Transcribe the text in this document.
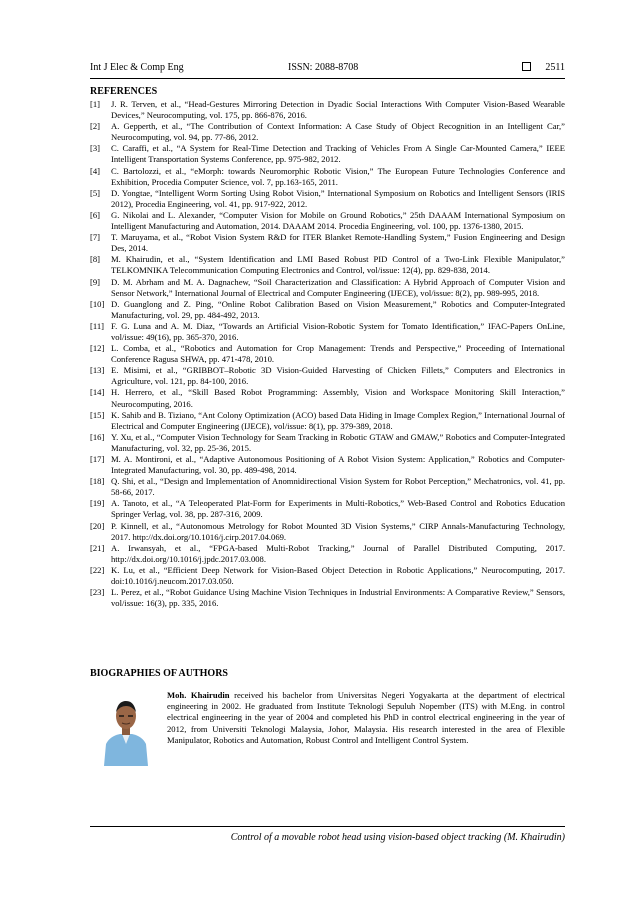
Int J Elec & Comp Eng	ISSN: 2088-8708	2511
REFERENCES
[1]	J. R. Terven, et al., “Head-Gestures Mirroring Detection in Dyadic Social Interactions With Computer Vision-Based Wearable Devices,” Neurocomputing, vol. 175, pp. 866-876, 2016.
[2]	A. Gepperth, et al., “The Contribution of Context Information: A Case Study of Object Recognition in an Intelligent Car,” Neurocomputing, vol. 94, pp. 77-86, 2012.
[3]	C. Caraffi, et al., “A System for Real-Time Detection and Tracking of Vehicles From A Single Car-Mounted Camera,” IEEE Intelligent Transportation Systems Conference, pp. 975-982, 2012.
[4]	C. Bartolozzi, et al., “eMorph: towards Neuromorphic Robotic Vision,” The European Future Technologies Conference and Exhibition, Procedia Computer Science, vol. 7, pp.163-165, 2011.
[5]	D. Yongtae, “Intelligent Worm Sorting Using Robot Vision,” International Symposium on Robotics and Intelligent Sensors (IRIS 2012), Procedia Engineering, vol. 41, pp. 917-922, 2012.
[6]	G. Nikolai and L. Alexander, “Computer Vision for Mobile on Ground Robotics,” 25th DAAAM International Symposium on Intelligent Manufacturing and Automation, 2014. DAAAM 2014. Procedia Engineering, vol. 100, pp. 1376-1380, 2015.
[7]	T. Maruyama, et al., “Robot Vision System R&D for ITER Blanket Remote-Handling System,” Fusion Engineering and Design Des, 2014.
[8]	M. Khairudin, et al., “System Identification and LMI Based Robust PID Control of a Two-Link Flexible Manipulator,” TELKOMNIKA Telecommunication Computing Electronics and Control, vol/issue: 12(4), pp. 829-838, 2014.
[9]	D. M. Abrham and M. A. Dagnachew, “Soil Characterization and Classification: A Hybrid Approach of Computer Vision and Sensor Network,” International Journal of Electrical and Computer Engineering (IJECE), vol/issue: 8(2), pp. 989-995, 2018.
[10] D. Guanglong and Z. Ping, “Online Robot Calibration Based on Vision Measurement,” Robotics and Computer-Integrated Manufacturing, vol. 29, pp. 484-492, 2013.
[11] F. G. Luna and A. M. Diaz, “Towards an Artificial Vision-Robotic System for Tomato Identification,” IFAC-Papers OnLine, vol/issue: 49(16), pp. 365-370, 2016.
[12] L. Comba, et al., “Robotics and Automation for Crop Management: Trends and Perspective,” Proceeding of International Conference Ragusa SHWA, pp. 471-478, 2010.
[13] E. Misimi, et al., “GRIBBOT–Robotic 3D Vision-Guided Harvesting of Chicken Fillets,” Computers and Electronics in Agriculture, vol. 121, pp. 84-100, 2016.
[14] H. Herrero, et al., “Skill Based Robot Programming: Assembly, Vision and Workspace Monitoring Skill Interaction,” Neurocomputing, 2016.
[15] K. Sahib and B. Tiziano, “Ant Colony Optimization (ACO) based Data Hiding in Image Complex Region,” International Journal of Electrical and Computer Engineering (IJECE), vol/issue: 8(1), pp. 379-389, 2018.
[16] Y. Xu, et al., “Computer Vision Technology for Seam Tracking in Robotic GTAW and GMAW,” Robotics and Computer-Integrated Manufacturing, vol. 32, pp. 25-36, 2015.
[17] M. A. Montironi, et al., “Adaptive Autonomous Positioning of A Robot Vision System: Application,” Robotics and Computer-Integrated Manufacturing, vol. 30, pp. 489-498, 2014.
[18] Q. Shi, et al., “Design and Implementation of Anomnidirectional Vision System for Robot Perception,” Mechatronics, vol. 41, pp. 58-66, 2017.
[19] A. Tanoto, et al., “A Teleoperated Plat-Form for Experiments in Multi-Robotics,” Web-Based Control and Robotics Education Springer Verlag, vol. 38, pp. 287-316, 2009.
[20] P. Kinnell, et al., “Autonomous Metrology for Robot Mounted 3D Vision Systems,” CIRP Annals-Manufacturing Technology, 2017. http://dx.doi.org/10.1016/j.cirp.2017.04.069.
[21] A. Irwansyah, et al., “FPGA-based Multi-Robot Tracking,” Journal of Parallel Distributed Computing, 2017. http://dx.doi.org/10.1016/j.jpdc.2017.03.008.
[22] K. Lu, et al., “Efficient Deep Network for Vision-Based Object Detection in Robotic Applications,” Neurocomputing, 2017. doi:10.1016/j.neucom.2017.03.050.
[23] L. Perez, et al., “Robot Guidance Using Machine Vision Techniques in Industrial Environments: A Comparative Review,” Sensors, vol/issue: 16(3), pp. 335, 2016.
BIOGRAPHIES OF AUTHORS
Moh. Khairudin received his bachelor from Universitas Negeri Yogyakarta at the department of electrical engineering in 2002. He graduated from Institute Teknologi Sepuluh Nopember (ITS) with M.Eng. in control electrical engineering in the year of 2004 and completed his PhD in control electrical engineering in the year of 2012, from Universiti Teknologi Malaysia, Johor, Malaysia. His research interested in the area of Flexible Manipulator, Robotics and Automation, Robust Control and Intelligent Control System.
Control of a movable robot head using vision-based object tracking (M. Khairudin)
